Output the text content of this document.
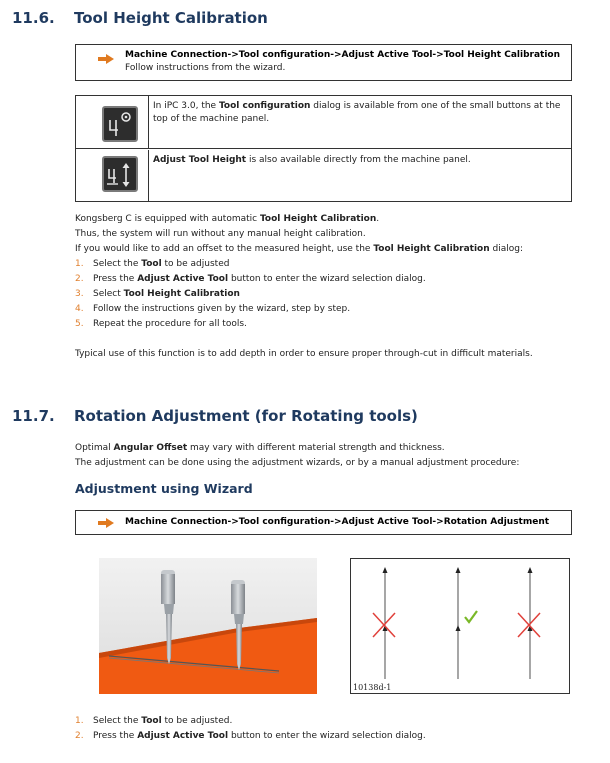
11.6. Tool Height Calibration
Machine Connection->Tool configuration->Adjust Active Tool->Tool Height Calibration
Follow instructions from the wizard.
In iPC 3.0, the Tool configuration dialog is available from one of the small buttons at the top of the machine panel.
Adjust Tool Height is also available directly from the machine panel.
Kongsberg C is equipped with automatic Tool Height Calibration.
Thus, the system will run without any manual height calibration.
If you would like to add an offset to the measured height, use the Tool Height Calibration dialog:
1. Select the Tool to be adjusted
2. Press the Adjust Active Tool button to enter the wizard selection dialog.
3. Select Tool Height Calibration
4. Follow the instructions given by the wizard, step by step.
5. Repeat the procedure for all tools.
Typical use of this function is to add depth in order to ensure proper through-cut in difficult materials.
11.7. Rotation Adjustment (for Rotating tools)
Optimal Angular Offset may vary with different material strength and thickness.
The adjustment can be done using the adjustment wizards, or by a manual adjustment procedure:
Adjustment using Wizard
Machine Connection->Tool configuration->Adjust Active Tool->Rotation Adjustment
10138d-1
1. Select the Tool to be adjusted.
2. Press the Adjust Active Tool button to enter the wizard selection dialog.
